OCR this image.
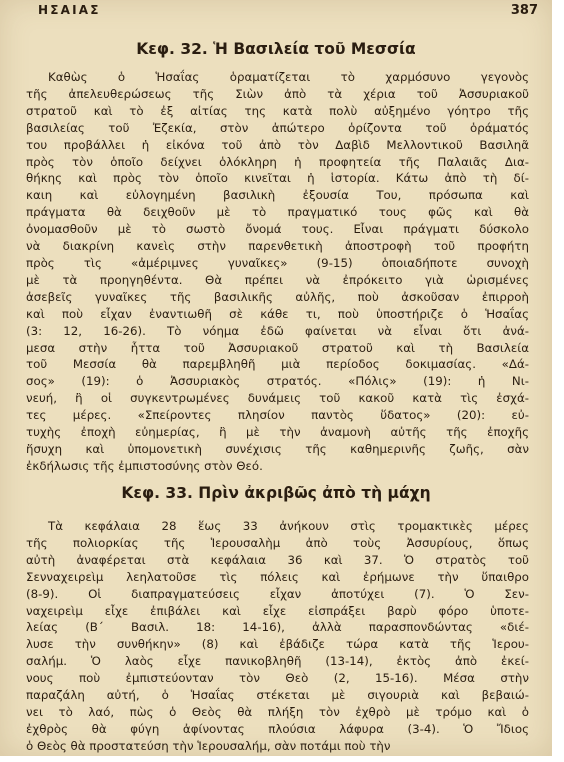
ΗΣΑΙΑΣ	387
Κεφ. 32. Ἡ Βασιλεία τοῦ Μεσσία

Καθὼς ὁ Ἡσαΐας ὁραματίζεται τὸ χαρμόσυνο γεγονὸς
τῆς ἀπελευθερώσεως τῆς Σιὼν ἀπὸ τὰ χέρια τοῦ Ἀσσυριακοῦ
στρατοῦ καὶ τὸ ἐξ αἰτίας της κατὰ πολὺ αὐξημένο γόητρο τῆς
βασιλείας τοῦ Ἐζεκία, στὸν ἀπώτερο ὁρίζοντα τοῦ ὁράματός
του προβάλλει ἡ εἰκόνα τοῦ ἀπὸ τὸν Δαβὶδ Μελλοντικοῦ Βασιληᾶ
πρὸς τὸν ὁποῖο δείχνει ὁλόκληρη ἡ προφητεία τῆς Παλαιᾶς Δια-
θήκης καὶ πρὸς τὸν ὁποῖο κινεῖται ἡ ἱστορία. Κάτω ἀπὸ τὴ δί-
καιη καὶ εὐλογημένη βασιλικὴ ἐξουσία Του, πρόσωπα καὶ
πράγματα θὰ δειχθοῦν μὲ τὸ πραγματικό τους φῶς καὶ θὰ
ὀνομασθοῦν μὲ τὸ σωστὸ ὄνομά τους. Εἶναι πράγματι δύσκολο
νὰ διακρίνη κανεὶς στὴν παρενθετικὴ ἀποστροφὴ τοῦ προφήτη
πρὸς τὶς «ἀμέριμνες γυναῖκες» (9-15) ὁποιαδήποτε συνοχὴ
μὲ τὰ προηγηθέντα. Θὰ πρέπει νὰ ἐπρόκειτο γιὰ ὡρισμένες
ἀσεβεῖς γυναῖκες τῆς βασιλικῆς αὐλῆς, ποὺ ἀσκοῦσαν ἐπιρροὴ
καὶ ποὺ εἶχαν ἐναντιωθῆ σὲ κάθε τι, ποὺ ὑποστήριζε ὁ Ἡσαΐας
(3: 12, 16-26). Τὸ νόημα ἐδῶ φαίνεται νὰ εἶναι ὅτι ἀνά-
μεσα στὴν ἧττα τοῦ Ἀσσυριακοῦ στρατοῦ καὶ τὴ Βασιλεία
τοῦ Μεσσία θὰ παρεμβληθῆ μιὰ περίοδος δοκιμασίας. «Δά-
σος» (19): ὁ Ἀσσυριακὸς στρατός. «Πόλις» (19): ἡ Νι-
νευή, ἢ οἱ συγκεντρωμένες δυνάμεις τοῦ κακοῦ κατὰ τὶς ἐσχά-
τες μέρες. «Σπείροντες πλησίον παντὸς ὕδατος» (20): εὐ-
τυχὴς ἐποχὴ εὐημερίας, ἢ μὲ τὴν ἀναμονὴ αὐτῆς τῆς ἐποχῆς
ἥσυχη καὶ ὑπομονετικὴ συνέχισις τῆς καθημερινῆς ζωῆς, σὰν
ἐκδήλωσις τῆς ἐμπιστοσύνης στὸν Θεό.

Κεφ. 33. Πρὶν ἀκριβῶς ἀπὸ τὴ μάχη

Τὰ κεφάλαια 28 ἕως 33 ἀνήκουν στὶς τρομακτικὲς μέρες
τῆς πολιορκίας τῆς Ἱερουσαλὴμ ἀπὸ τοὺς Ἀσσυρίους, ὅπως
αὐτὴ ἀναφέρεται στὰ κεφάλαια 36 καὶ 37. Ὁ στρατὸς τοῦ
Σενναχειρεὶμ λεηλατοῦσε τὶς πόλεις καὶ ἐρήμωνε τὴν ὕπαιθρο
(8-9). Οἱ διαπραγματεύσεις εἶχαν ἀποτύχει (7). Ὁ Σεν-
ναχειρεὶμ εἶχε ἐπιβάλει καὶ εἶχε εἰσπράξει βαρὺ φόρο ὑποτε-
λείας (Β΄ Βασιλ. 18: 14-16), ἀλλὰ παρασπονδώντας «διέ-
λυσε τὴν συνθήκην» (8) καὶ ἐβάδιζε τώρα κατὰ τῆς Ἱερου-
σαλήμ. Ὁ λαὸς εἶχε πανικοβληθῆ (13-14), ἐκτὸς ἀπὸ ἐκεί-
νους ποὺ ἐμπιστεύονταν τὸν Θεὸ (2, 15-16). Μέσα στὴν
παραζάλη αὐτή, ὁ Ἡσαΐας στέκεται μὲ σιγουριὰ καὶ βεβαιώ-
νει τὸ λαό, πὼς ὁ Θεὸς θὰ πλήξη τὸν ἐχθρὸ μὲ τρόμο καὶ ὁ
ἐχθρὸς θὰ φύγη ἀφίνοντας πλούσια λάφυρα (3-4). Ὁ Ἴδιος
ὁ Θεὸς θὰ προστατεύση τὴν Ἱερουσαλήμ, σὰν ποτάμι ποὺ τὴν
